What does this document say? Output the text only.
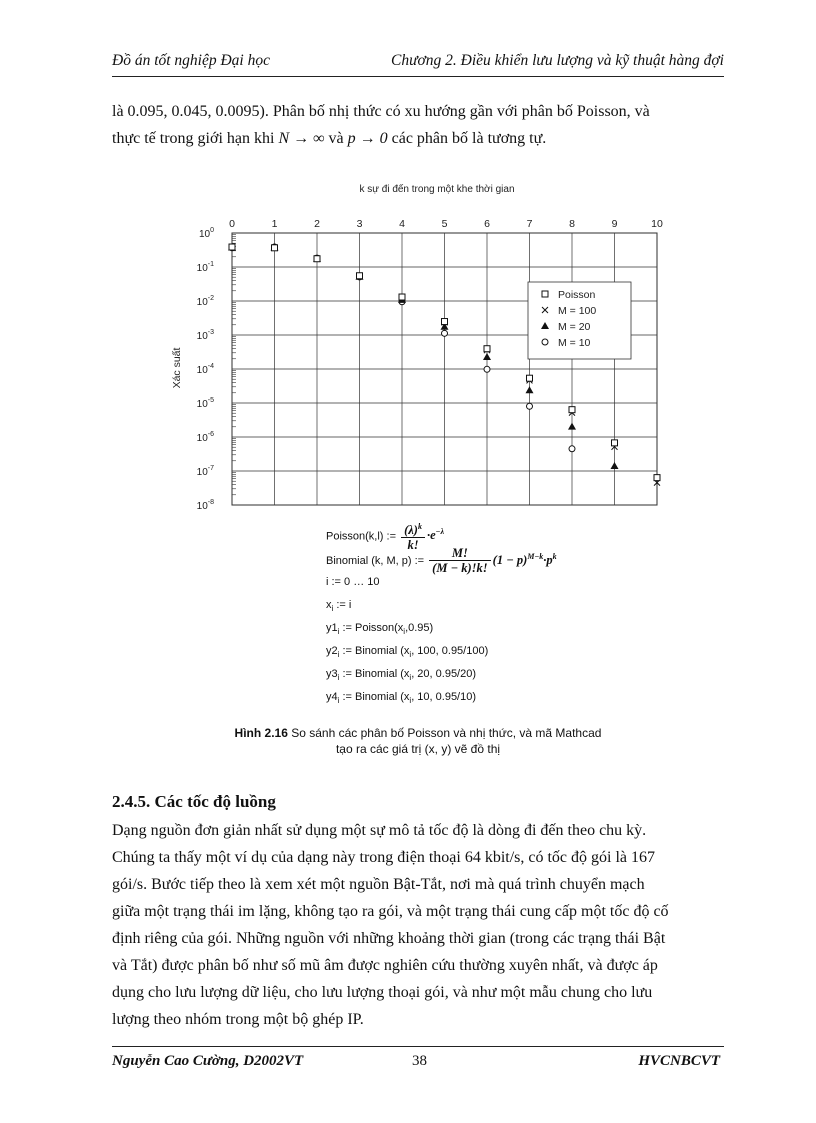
Đồ án tốt nghiệp Đại học	Chương 2. Điều khiển lưu lượng và kỹ thuật hàng đợi
là 0.095, 0.045, 0.0095). Phân bố nhị thức có xu hướng gần với phân bố Poisson, và
thực tế trong giới hạn khi N → ∞ và p → 0 các phân bố là tương tự.
k sự đi đến trong một khe thời gian
0	1	2	3	4	5	6	7	8	9	10
$10^0$
$10^{-1}$
$10^{-2}$
$10^{-3}$
$10^{-4}$
$10^{-5}$
$10^{-6}$
$10^{-7}$
$10^{-8}$
Xác suất
Poisson
M = 100
M = 20
M = 10
Poisson(k,l) := $\frac{(\lambda)^k}{k!} \cdot e^{-\lambda}$
Binomial (k, M, p) := $\frac{M!}{(M - k)!k!} (1 - p)^{M-k}\cdot p^k$
i := 0 … 10
$x_i$ := i
$y1_i$ := $Poisson(x_i,0.95)$
$y2_i$ := Binomial ($x_i$, 100, 0.95/100)
$y3_i$ := Binomial ($x_i$, 20, 0.95/20)
$y4_i$ := Binomial ($x_i$, 10, 0.95/10)
Hình 2.16 So sánh các phân bố Poisson và nhị thức, và mã Mathcad
tạo ra các giá trị (x, y) vẽ đồ thị
2.4.5. Các tốc độ luồng
Dạng nguồn đơn giản nhất sử dụng một sự mô tả tốc độ là dòng đi đến theo chu kỳ.
Chúng ta thấy một ví dụ của dạng này trong điện thoại 64 kbit/s, có tốc độ gói là 167
gói/s. Bước tiếp theo là xem xét một nguồn Bật-Tắt, nơi mà quá trình chuyển mạch
giữa một trạng thái im lặng, không tạo ra gói, và một trạng thái cung cấp một tốc độ cố
định riêng của gói. Những nguồn với những khoảng thời gian (trong các trạng thái Bật
và Tắt) được phân bố như số mũ âm được nghiên cứu thường xuyên nhất, và được áp
dụng cho lưu lượng dữ liệu, cho lưu lượng thoại gói, và như một mẫu chung cho lưu
lượng theo nhóm trong một bộ ghép IP.
Nguyễn Cao Cường, D2002VT	38	HVCNBCVT
